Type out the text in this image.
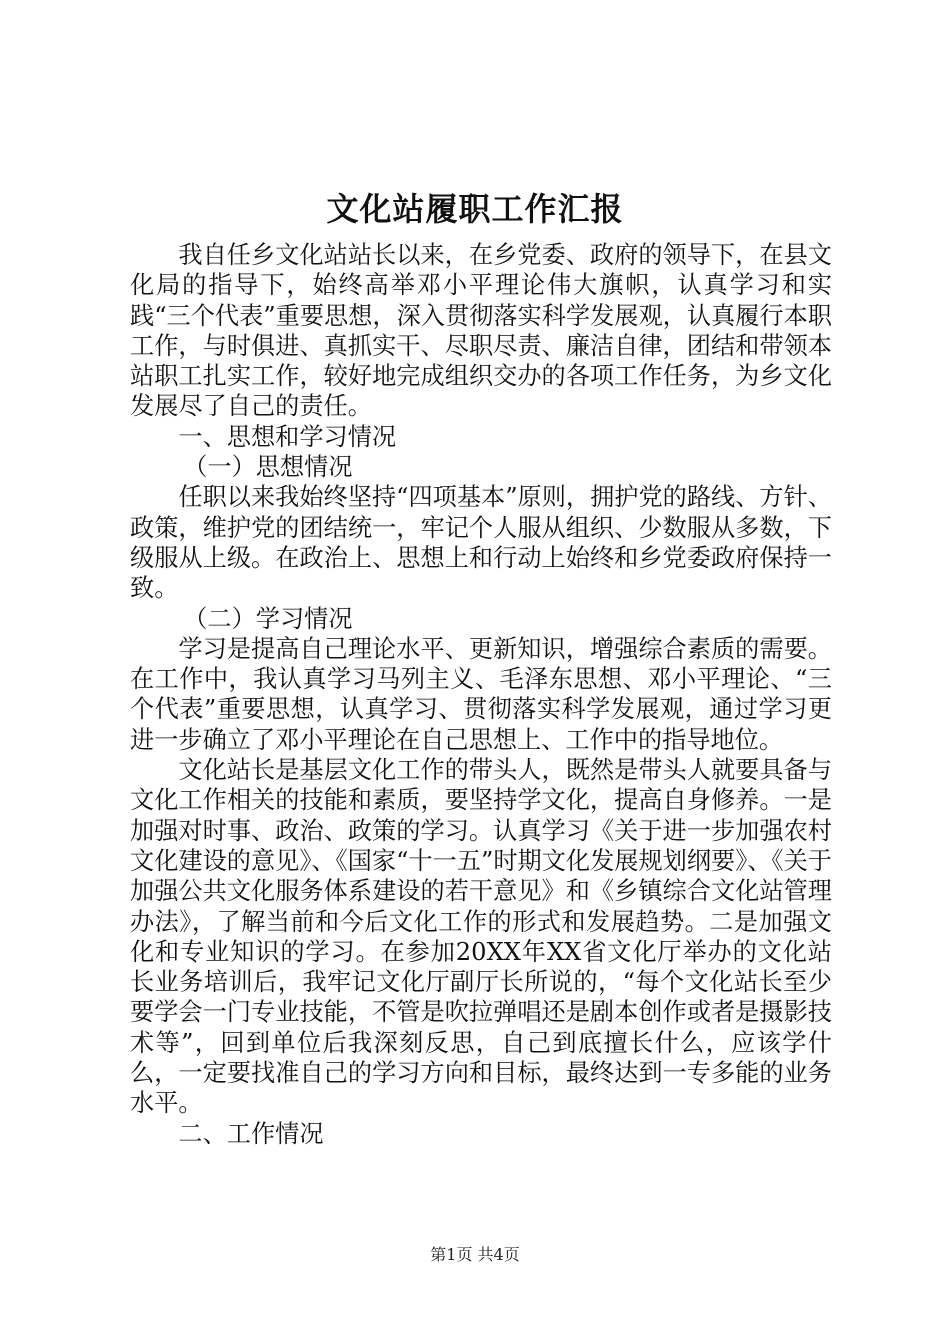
文化站履职工作汇报

我自任乡文化站站长以来，在乡党委、政府的领导下，在县文化局的指导下，始终高举邓小平理论伟大旗帜，认真学习和实践“三个代表”重要思想，深入贯彻落实科学发展观，认真履行本职工作，与时俱进、真抓实干、尽职尽责、廉洁自律，团结和带领本站职工扎实工作，较好地完成组织交办的各项工作任务，为乡文化发展尽了自己的责任。

一、思想和学习情况

（一）思想情况

任职以来我始终坚持“四项基本”原则，拥护党的路线、方针、政策，维护党的团结统一，牢记个人服从组织、少数服从多数，下级服从上级。在政治上、思想上和行动上始终和乡党委政府保持一致。

（二）学习情况

学习是提高自己理论水平、更新知识，增强综合素质的需要。在工作中，我认真学习马列主义、毛泽东思想、邓小平理论、“三个代表”重要思想，认真学习、贯彻落实科学发展观，通过学习更进一步确立了邓小平理论在自己思想上、工作中的指导地位。

文化站长是基层文化工作的带头人，既然是带头人就要具备与文化工作相关的技能和素质，要坚持学文化，提高自身修养。一是加强对时事、政治、政策的学习。认真学习《关于进一步加强农村文化建设的意见》、《国家“十一五”时期文化发展规划纲要》、《关于加强公共文化服务体系建设的若干意见》和《乡镇综合文化站管理办法》，了解当前和今后文化工作的形式和发展趋势。二是加强文化和专业知识的学习。在参加20XX年XX省文化厅举办的文化站长业务培训后，我牢记文化厅副厅长所说的，“每个文化站长至少要学会一门专业技能，不管是吹拉弹唱还是剧本创作或者是摄影技术等”，回到单位后我深刻反思，自己到底擅长什么，应该学什么，一定要找准自己的学习方向和目标，最终达到一专多能的业务水平。

二、工作情况

第1页 共4页
